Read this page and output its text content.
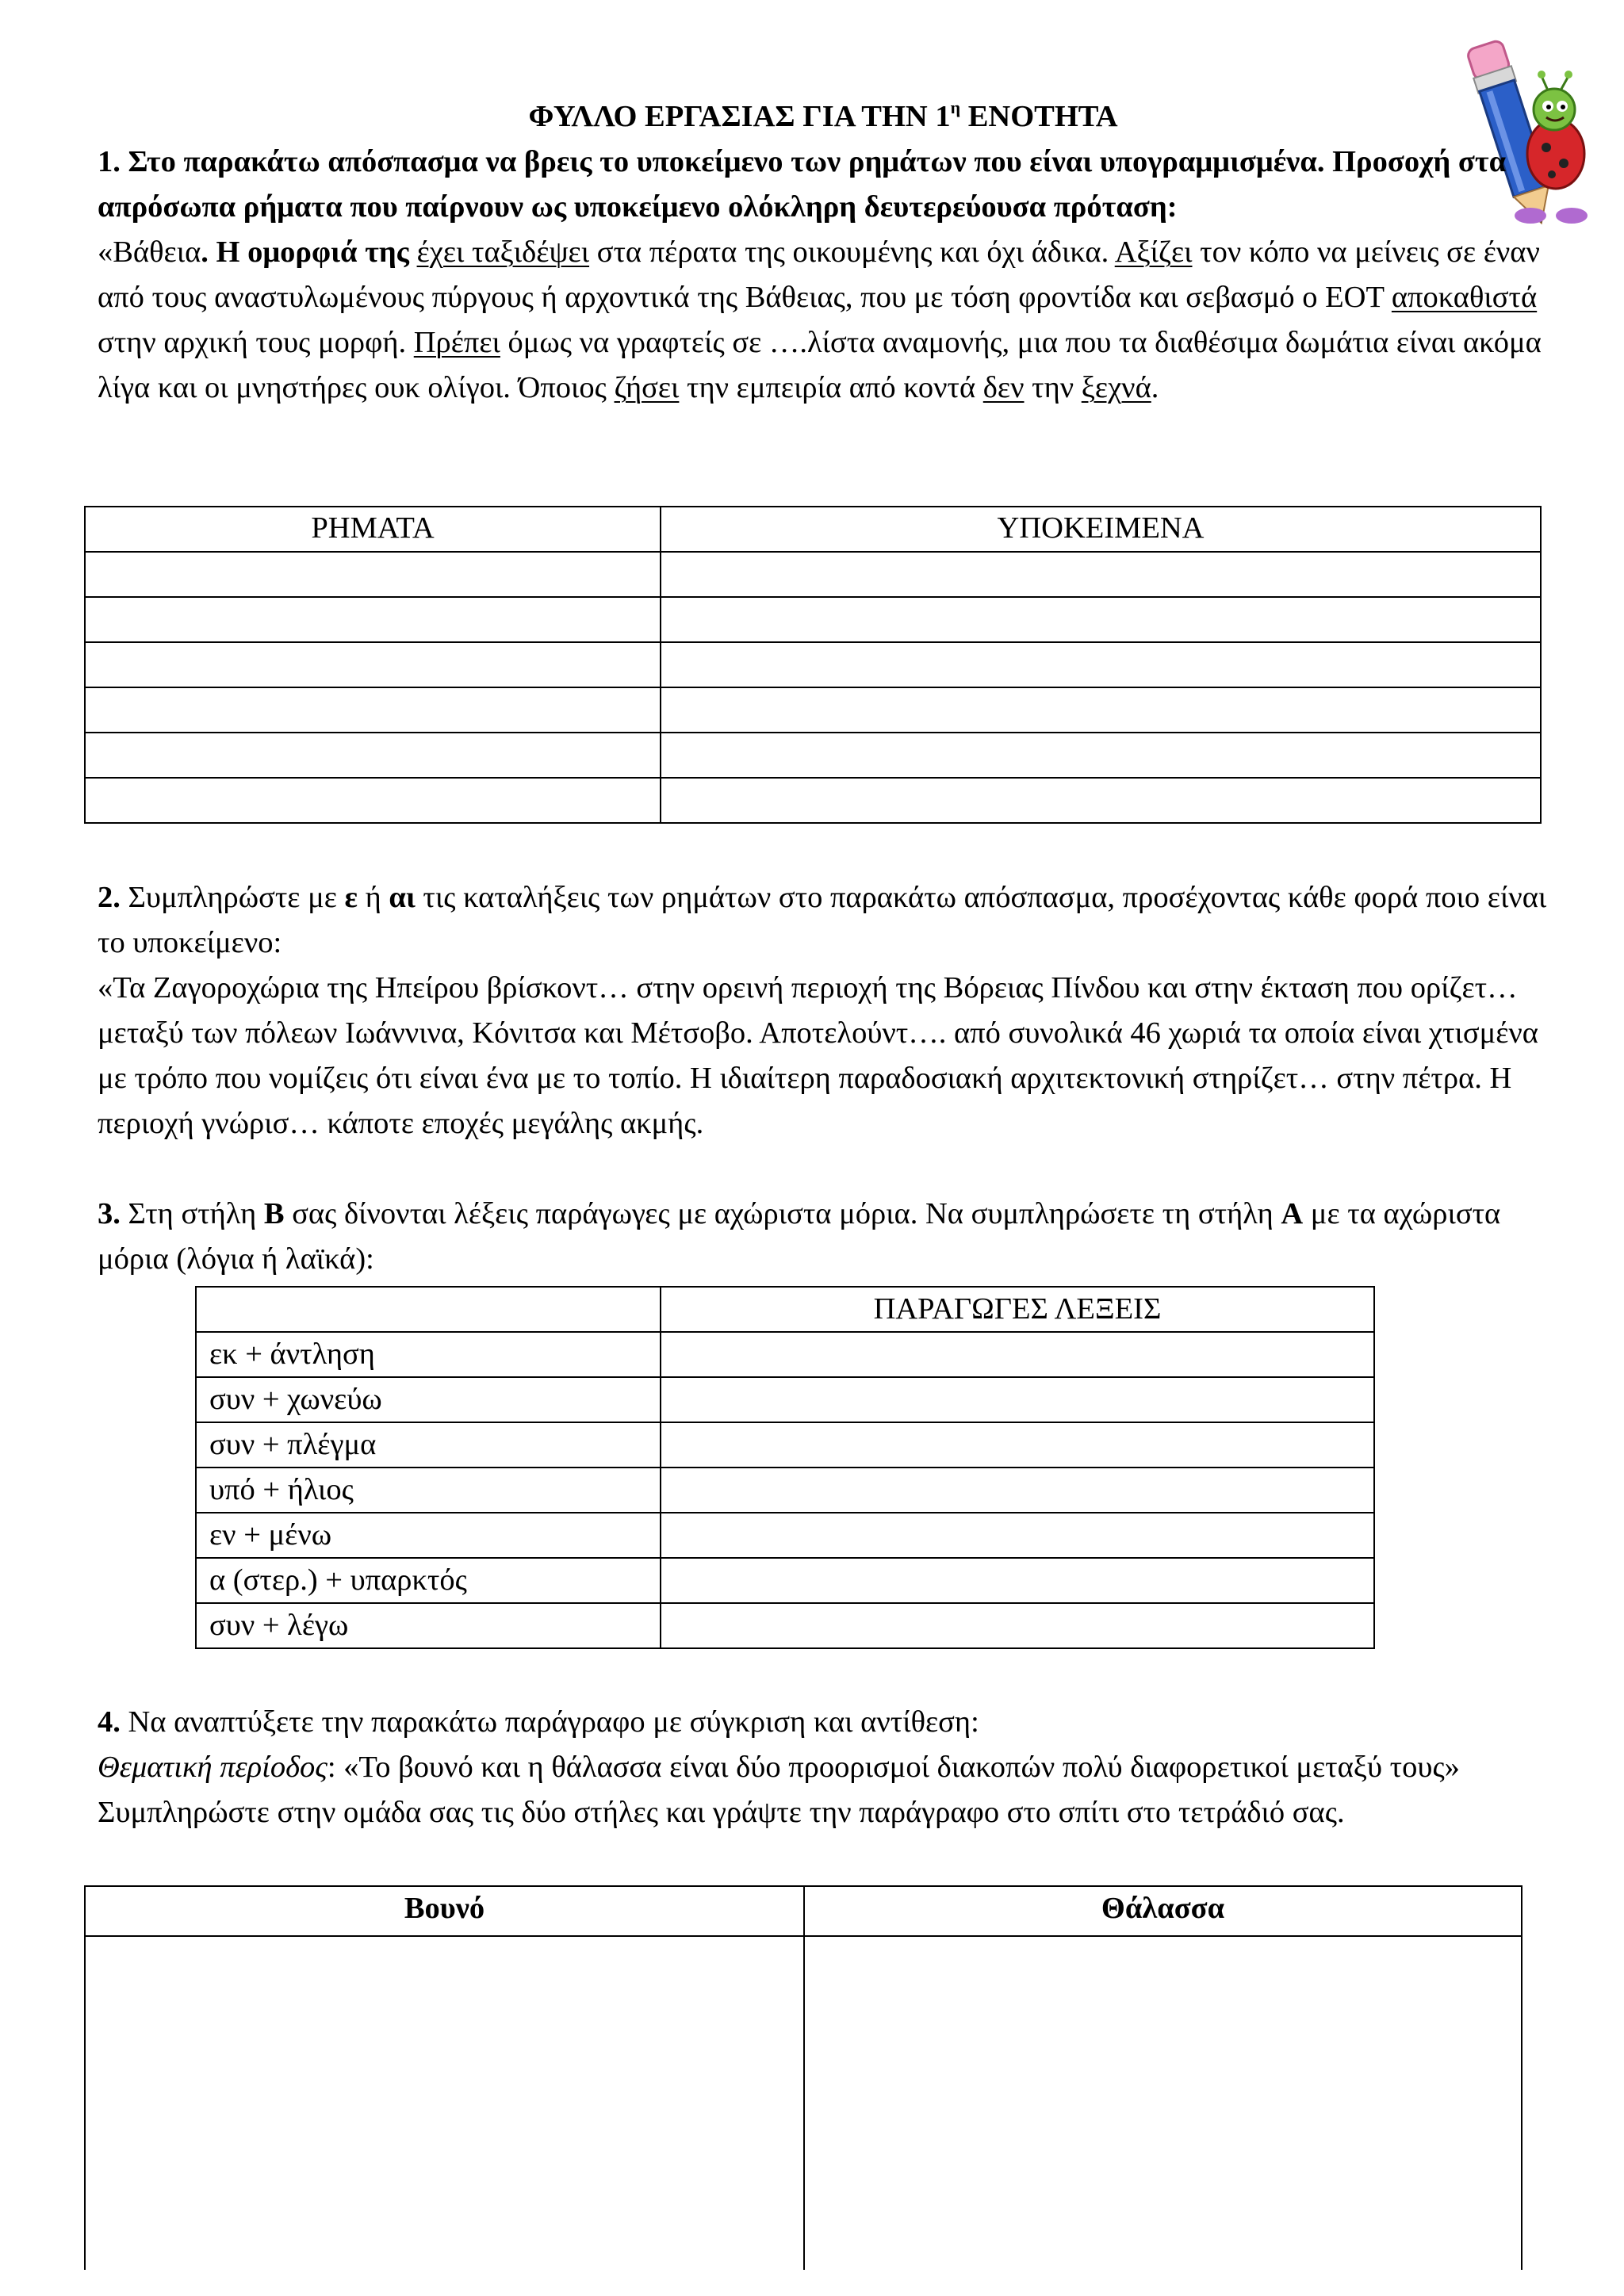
ΦΥΛΛΟ ΕΡΓΑΣΙΑΣ ΓΙΑ ΤΗΝ $1^\eta$ ΕΝΟΤΗΤΑ

1. Στο παρακάτω απόσπασμα να βρεις το υποκείμενο των ρημάτων που είναι υπογραμμισμένα. Προσοχή στα απρόσωπα ρήματα που παίρνουν ως υποκείμενο ολόκληρη δευτερεύουσα πρόταση:

«Βάθεια. Η ομορφιά της έχει ταξιδέψει στα πέρατα της οικουμένης και όχι άδικα. Αξίζει τον κόπο να μείνεις σε έναν από τους αναστυλωμένους πύργους ή αρχοντικά της Βάθειας, που με τόση φροντίδα και σεβασμό ο ΕΟΤ αποκαθιστά στην αρχική τους μορφή. Πρέπει όμως να γραφτείς σε ….λίστα αναμονής, μια που τα διαθέσιμα δωμάτια είναι ακόμα λίγα και οι μνηστήρες ουκ ολίγοι. Όποιος ζήσει την εμπειρία από κοντά δεν την ξεχνά.

ΡΗΜΑΤΑ	ΥΠΟΚΕΙΜΕΝΑ

2. Συμπληρώστε με ε ή αι τις καταλήξεις των ρημάτων στο παρακάτω απόσπασμα, προσέχοντας κάθε φορά ποιο είναι το υποκείμενο:

«Τα Ζαγοροχώρια της Ηπείρου βρίσκοντ… στην ορεινή περιοχή της Βόρειας Πίνδου και στην έκταση που ορίζετ… μεταξύ των πόλεων Ιωάννινα, Κόνιτσα και Μέτσοβο. Αποτελούντ…. από συνολικά 46 χωριά τα οποία είναι χτισμένα με τρόπο που νομίζεις ότι είναι ένα με το τοπίο. Η ιδιαίτερη παραδοσιακή αρχιτεκτονική στηρίζετ… στην πέτρα. Η περιοχή γνώρισ… κάποτε εποχές μεγάλης ακμής.

3. Στη στήλη Β σας δίνονται λέξεις παράγωγες με αχώριστα μόρια. Να συμπληρώσετε τη στήλη Α με τα αχώριστα μόρια (λόγια ή λαϊκά):

	ΠΑΡΑΓΩΓΕΣ ΛΕΞΕΙΣ
εκ + άντληση	
συν + χωνεύω	
συν + πλέγμα	
υπό + ήλιος	
εν + μένω	
α (στερ.) + υπαρκτός	
συν + λέγω	

4. Να αναπτύξετε την παρακάτω παράγραφο με σύγκριση και αντίθεση:

Θεματική περίοδος: «Το βουνό και η θάλασσα είναι δύο προορισμοί διακοπών πολύ διαφορετικοί μεταξύ τους»

Συμπληρώστε στην ομάδα σας τις δύο στήλες και γράψτε την παράγραφο στο σπίτι στο τετράδιό σας.

Βουνό	Θάλασσα
